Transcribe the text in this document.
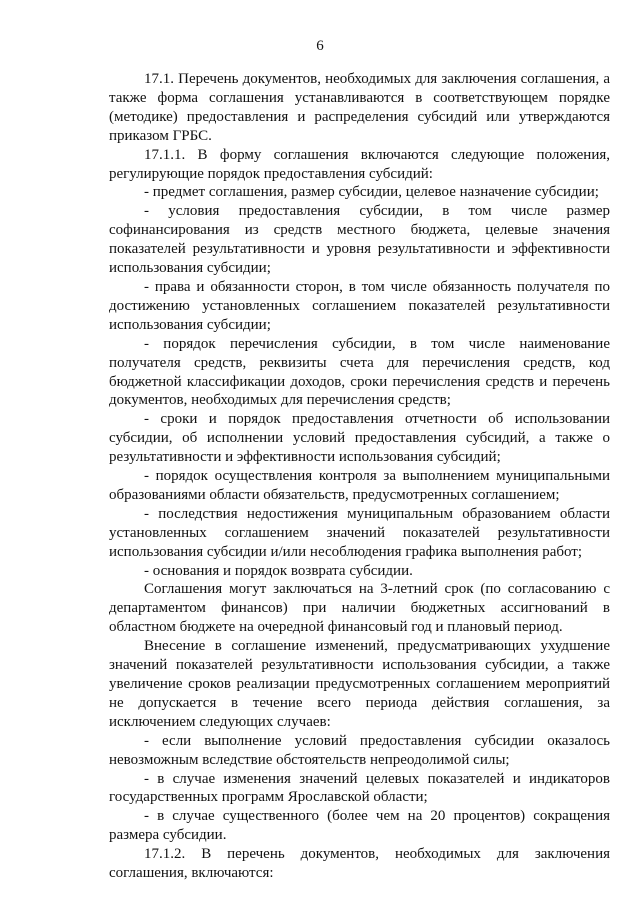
6

17.1. Перечень документов, необходимых для заключения соглашения, а также форма соглашения устанавливаются в соответствующем порядке (методике) предоставления и распределения субсидий или утверждаются приказом ГРБС.

17.1.1. В форму соглашения включаются следующие положения, регулирующие порядок предоставления субсидий:

- предмет соглашения, размер субсидии, целевое назначение субсидии;

- условия предоставления субсидии, в том числе размер софинансирования из средств местного бюджета, целевые значения показателей результативности и уровня результативности и эффективности использования субсидии;

- права и обязанности сторон, в том числе обязанность получателя по достижению установленных соглашением показателей результативности использования субсидии;

- порядок перечисления субсидии, в том числе наименование получателя средств, реквизиты счета для перечисления средств, код бюджетной классификации доходов, сроки перечисления средств и перечень документов, необходимых для перечисления средств;

- сроки и порядок предоставления отчетности об использовании субсидии, об исполнении условий предоставления субсидий, а также о результативности и эффективности использования субсидий;

- порядок осуществления контроля за выполнением муниципальными образованиями области обязательств, предусмотренных соглашением;

- последствия недостижения муниципальным образованием области установленных соглашением значений показателей результативности использования субсидии и/или несоблюдения графика выполнения работ;

- основания и порядок возврата субсидии.

Соглашения могут заключаться на 3-летний срок (по согласованию с департаментом финансов) при наличии бюджетных ассигнований в областном бюджете на очередной финансовый год и плановый период.

Внесение в соглашение изменений, предусматривающих ухудшение значений показателей результативности использования субсидии, а также увеличение сроков реализации предусмотренных соглашением мероприятий не допускается в течение всего периода действия соглашения, за исключением следующих случаев:

- если выполнение условий предоставления субсидии оказалось невозможным вследствие обстоятельств непреодолимой силы;

- в случае изменения значений целевых показателей и индикаторов государственных программ Ярославской области;

- в случае существенного (более чем на 20 процентов) сокращения размера субсидии.

17.1.2. В перечень документов, необходимых для заключения соглашения, включаются:
